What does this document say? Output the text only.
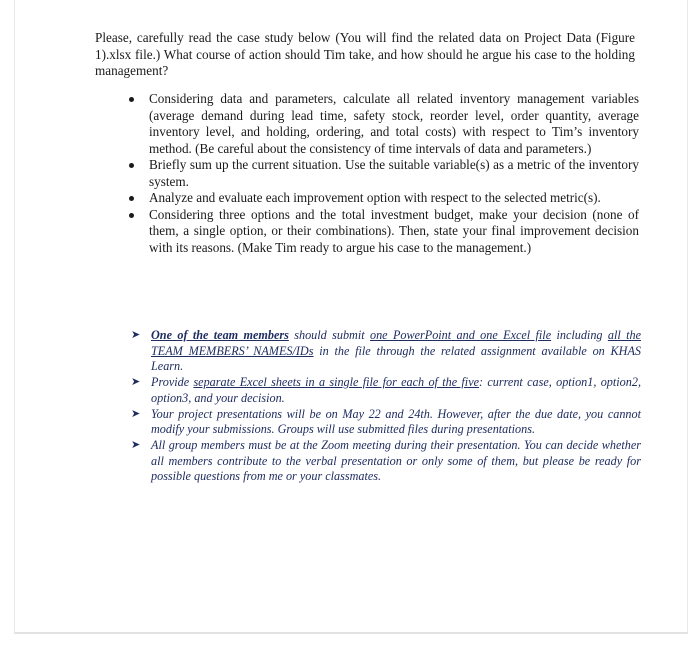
Please, carefully read the case study below (You will find the related data on Project Data (Figure 1).xlsx file.) What course of action should Tim take, and how should he argue his case to the holding management?

Considering data and parameters, calculate all related inventory management variables (average demand during lead time, safety stock, reorder level, order quantity, average inventory level, and holding, ordering, and total costs) with respect to Tim’s inventory method. (Be careful about the consistency of time intervals of data and parameters.)
Briefly sum up the current situation. Use the suitable variable(s) as a metric of the inventory system.
Analyze and evaluate each improvement option with respect to the selected metric(s).
Considering three options and the total investment budget, make your decision (none of them, a single option, or their combinations). Then, state your final improvement decision with its reasons. (Make Tim ready to argue his case to the management.)
➤ One of the team members should submit one PowerPoint and one Excel file including all the TEAM MEMBERS’ NAMES/IDs in the file through the related assignment available on KHAS Learn.
➤ Provide separate Excel sheets in a single file for each of the five: current case, option1, option2, option3, and your decision.
➤ Your project presentations will be on May 22 and 24th. However, after the due date, you cannot modify your submissions. Groups will use submitted files during presentations.
➤ All group members must be at the Zoom meeting during their presentation. You can decide whether all members contribute to the verbal presentation or only some of them, but please be ready for possible questions from me or your classmates.
